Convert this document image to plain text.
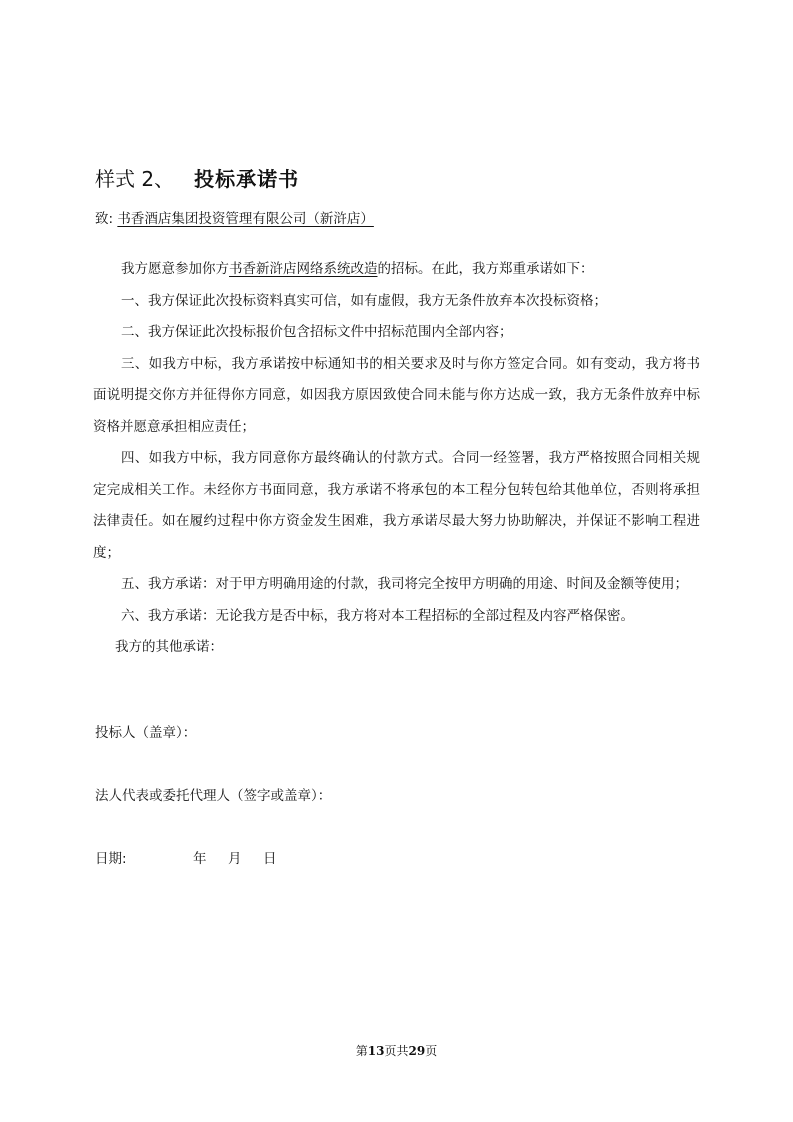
样式 2、 投标承诺书
致: 书香酒店集团投资管理有限公司（新浒店）

我方愿意参加你方书香新浒店网络系统改造的招标。在此，我方郑重承诺如下：

一、我方保证此次投标资料真实可信，如有虚假，我方无条件放弃本次投标资格；

二、我方保证此次投标报价包含招标文件中招标范围内全部内容；

三、如我方中标，我方承诺按中标通知书的相关要求及时与你方签定合同。如有变动，我方将书面说明提交你方并征得你方同意，如因我方原因致使合同未能与你方达成一致，我方无条件放弃中标资格并愿意承担相应责任；

四、如我方中标，我方同意你方最终确认的付款方式。合同一经签署，我方严格按照合同相关规定完成相关工作。未经你方书面同意，我方承诺不将承包的本工程分包转包给其他单位，否则将承担法律责任。如在履约过程中你方资金发生困难，我方承诺尽最大努力协助解决，并保证不影响工程进度；

五、我方承诺：对于甲方明确用途的付款，我司将完全按甲方明确的用途、时间及金额等使用；

六、我方承诺：无论我方是否中标，我方将对本工程招标的全部过程及内容严格保密。

我方的其他承诺：

投标人（盖章）：
法人代表或委托代理人（签字或盖章）：
日期:	年 月 日
第13页共29页
